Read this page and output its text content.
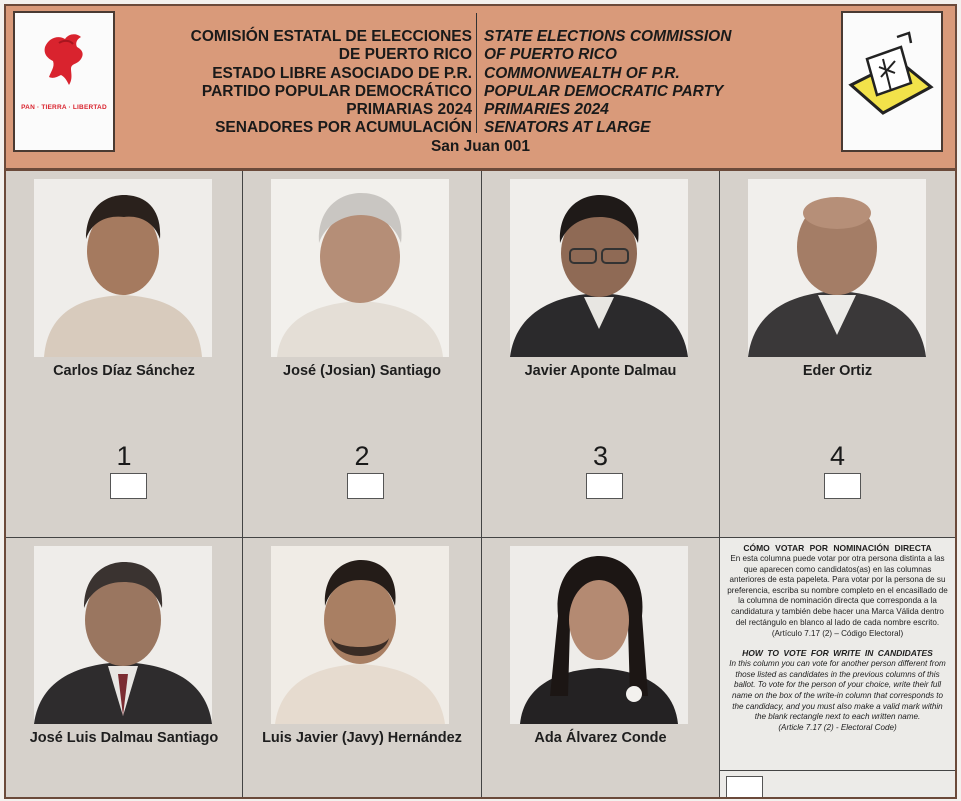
PAN · TIERRA · LIBERTAD
COMISIÓN ESTATAL DE ELECCIONES
DE PUERTO RICO
ESTADO LIBRE ASOCIADO DE P.R.
PARTIDO POPULAR DEMOCRÁTICO
PRIMARIAS 2024
SENADORES POR ACUMULACIÓN
STATE ELECTIONS COMMISSION
OF PUERTO RICO
COMMONWEALTH OF P.R.
POPULAR DEMOCRATIC PARTY
PRIMARIES 2024
SENATORS AT LARGE
San Juan 001
Carlos Díaz Sánchez
1
José (Josian) Santiago
2
Javier Aponte Dalmau
3
Eder Ortiz
4
José Luis Dalmau Santiago	Luis Javier (Javy) Hernández	Ada Álvarez Conde
CÓMO VOTAR POR NOMINACIÓN DIRECTA
En esta columna puede votar por otra persona distinta a las que aparecen como candidatos(as) en las columnas anteriores de esta papeleta. Para votar por la persona de su preferencia, escriba su nombre completo en el encasillado de la columna de nominación directa que corresponda a la candidatura y también debe hacer una Marca Válida dentro del rectángulo en blanco al lado de cada nombre escrito.
(Artículo 7.17 (2) – Código Electoral)
HOW TO VOTE FOR WRITE IN CANDIDATES
In this column you can vote for another person different from those listed as candidates in the previous columns of this ballot. To vote for the person of your choice, write their full name on the box of the write-in column that corresponds to the candidacy, and you must also make a valid mark within the blank rectangle next to each written name.
(Article 7.17 (2) - Electoral Code)
